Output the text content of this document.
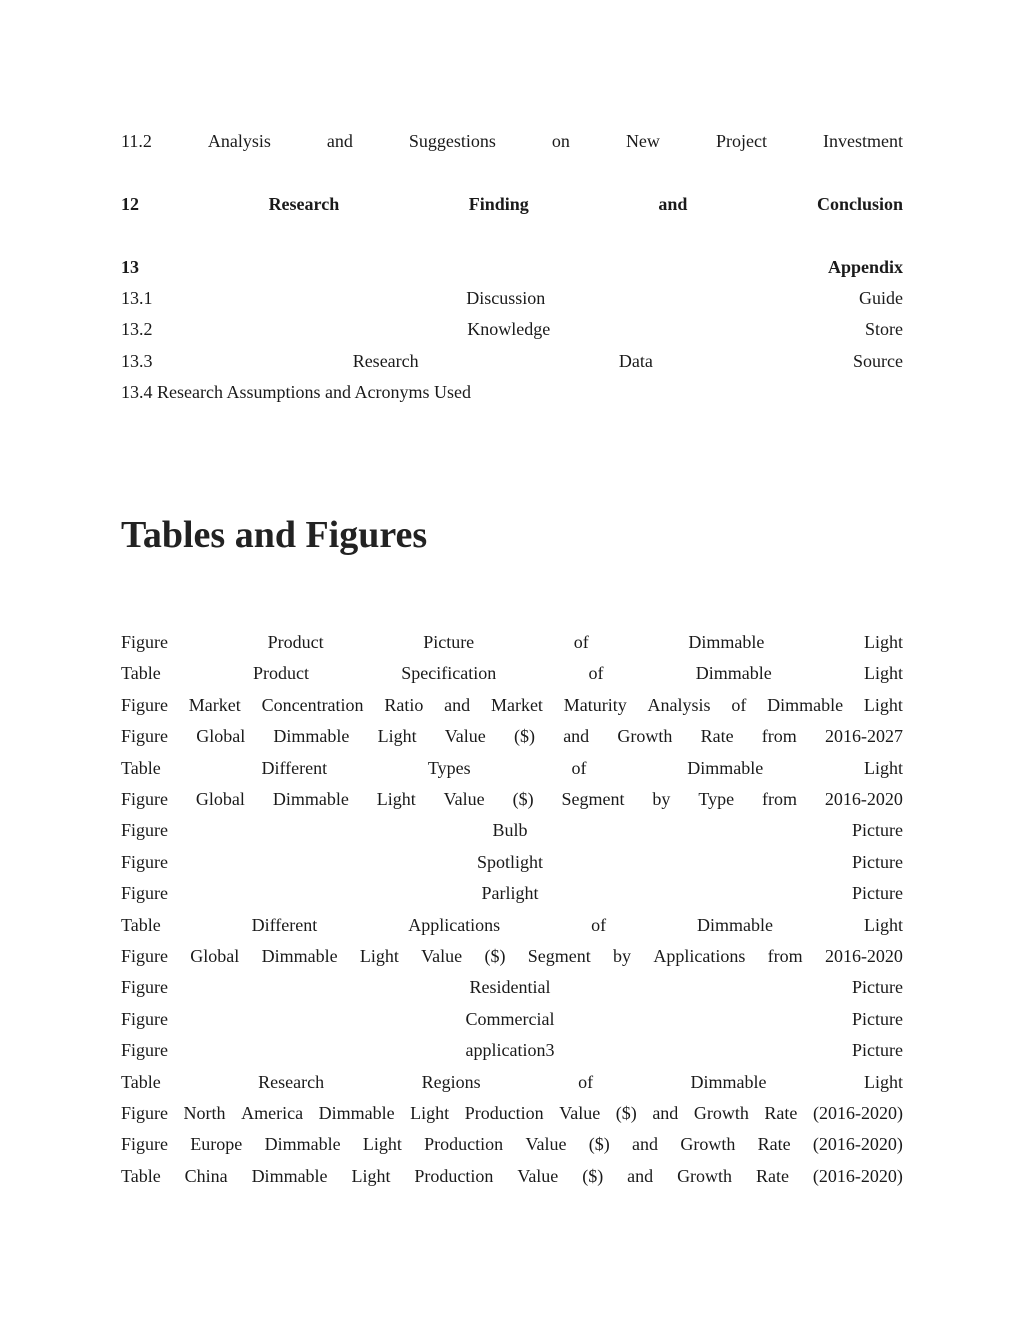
11.2	Analysis	and	Suggestions	on	New	Project	Investment
12	Research	Finding	and	Conclusion
13	Appendix
13.1	Discussion	Guide
13.2	Knowledge	Store
13.3	Research	Data	Source
13.4 Research Assumptions and Acronyms Used
Tables and Figures
Figure	Product	Picture	of	Dimmable	Light
Table	Product	Specification	of	Dimmable	Light
Figure Market Concentration Ratio and Market Maturity Analysis of Dimmable Light
Figure Global Dimmable Light Value ($) and Growth Rate from 2016-2027
Table	Different	Types	of	Dimmable	Light
Figure Global Dimmable Light Value ($) Segment by Type from 2016-2020
Figure	Bulb	Picture
Figure	Spotlight	Picture
Figure	Parlight	Picture
Table	Different	Applications	of	Dimmable	Light
Figure Global Dimmable Light Value ($) Segment by Applications from 2016-2020
Figure	Residential	Picture
Figure	Commercial	Picture
Figure	application3	Picture
Table	Research	Regions	of	Dimmable	Light
Figure North America Dimmable Light Production Value ($) and Growth Rate (2016-2020)
Figure Europe Dimmable Light Production Value ($) and Growth Rate (2016-2020)
Table China Dimmable Light Production Value ($) and Growth Rate (2016-2020)
